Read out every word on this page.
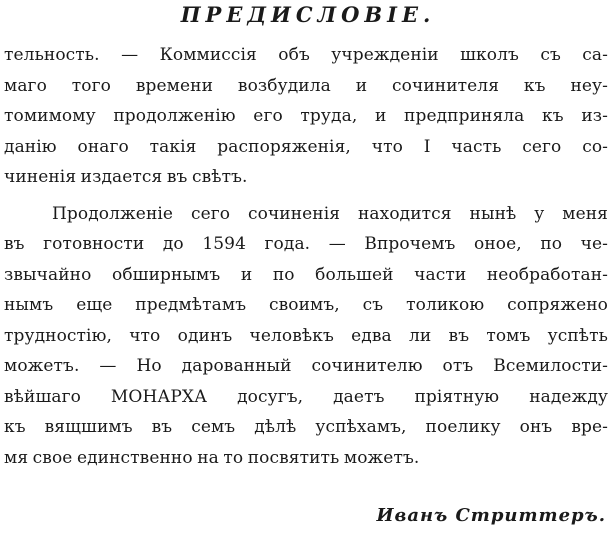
ПРЕДИСЛОВIЕ.
тельность. — Коммиссія объ учрежденіи школъ съ са-
маго того времени возбудила и сочинителя къ неу-
томимому продолженію его труда, и предприняла къ из-
данію онаго такія распоряженія, что I часть сего со-
чиненія издается въ свѣтъ.
Продолженіе сего сочиненія находится нынѣ у меня
въ готовности до 1594 года. — Впрочемъ оное, по че-
звычайно обширнымъ и по большей части необработан-
нымъ еще предмѣтамъ своимъ, съ толикою сопряжено
трудностію, что одинъ человѣкъ едва ли въ томъ успѣть
можетъ. — Но дарованный сочинителю отъ Всемилости-
вѣйшаго МОНАРХА досугъ, даетъ пріятную надежду
къ вящшимъ въ семъ дѣлѣ успѣхамъ, поелику онъ вре-
мя свое единственно на то посвятить можетъ.
Иванъ Стриттеръ.
